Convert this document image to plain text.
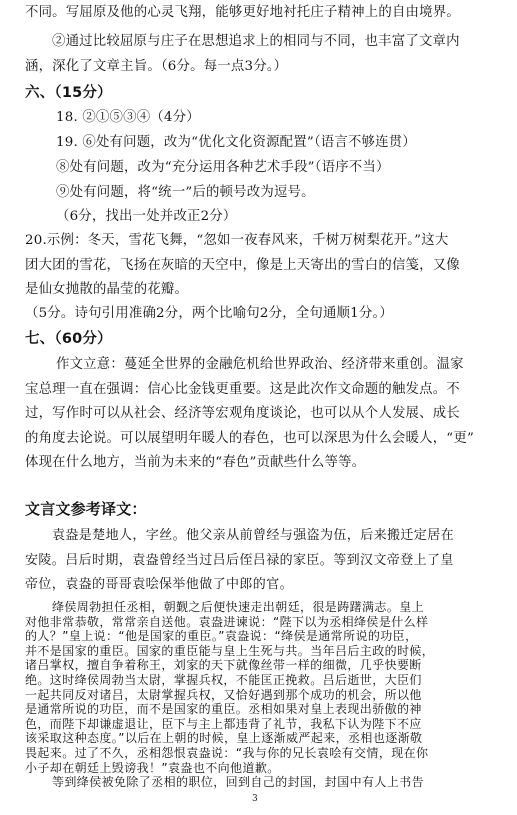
不同。写屈原及他的心灵飞翔，能够更好地衬托庄子精神上的自由境界。
②通过比较屈原与庄子在思想追求上的相同与不同，也丰富了文章内
涵，深化了文章主旨。（6分。每一点3分。）
六、（15分）
18. ②①⑤③④（4分）
19. ⑥处有问题，改为“优化文化资源配置”（语言不够连贯）
⑧处有问题，改为“充分运用各种艺术手段”（语序不当）
⑨处有问题，将“统一”后的顿号改为逗号。
（6分，找出一处并改正2分）
20.示例：冬天，雪花飞舞，“忽如一夜春风来，千树万树梨花开。”这大
团大团的雪花，飞扬在灰暗的天空中，像是上天寄出的雪白的信笺，又像
是仙女抛散的晶莹的花瓣。
（5分。诗句引用准确2分，两个比喻句2分，全句通顺1分。）
七、（60分）
作文立意：蔓延全世界的金融危机给世界政治、经济带来重创。温家
宝总理一直在强调：信心比金钱更重要。这是此次作文命题的触发点。不
过，写作时可以从社会、经济等宏观角度谈论，也可以从个人发展、成长
的角度去论说。可以展望明年暖人的春色，也可以深思为什么会暖人，“更”
体现在什么地方，当前为未来的“春色”贡献些什么等等。
文言文参考译文：
袁盎是楚地人，字丝。他父亲从前曾经与强盗为伍，后来搬迁定居在
安陵。吕后时期，袁盎曾经当过吕后侄吕禄的家臣。等到汉文帝登上了皇
帝位，袁盎的哥哥袁哙保举他做了中郎的官。
绛侯周勃担任丞相，朝觐之后便快速走出朝廷，很是踌躇满志。皇上
对他非常恭敬，常常亲自送他。袁盎进谏说：“陛下以为丞相绛侯是什么样
的人？”皇上说：“他是国家的重臣。”袁盎说：“绛侯是通常所说的功臣，
并不是国家的重臣。国家的重臣能与皇上生死与共。当年吕后主政的时候，
诸吕掌权，擅自争着称王，刘家的天下就像丝带一样的细微，几乎快要断
绝。这时绛侯周勃当太尉，掌握兵权，不能匡正挽救。吕后逝世，大臣们
一起共同反对诸吕，太尉掌握兵权，又恰好遇到那个成功的机会，所以他
是通常所说的功臣，而不是国家的重臣。丞相如果对皇上表现出骄傲的神
色，而陛下却谦虚退让，臣下与主上都违背了礼节，我私下认为陛下不应
该采取这种态度。”以后在上朝的时候，皇上逐渐威严起来，丞相也逐渐敬
畏起来。过了不久，丞相怨恨袁盎说：“我与你的兄长袁哙有交情，现在你
小子却在朝廷上毁谤我！”袁盎也不向他道歉。
等到绛侯被免除了丞相的职位，回到自己的封国，封国中有人上书告
3
